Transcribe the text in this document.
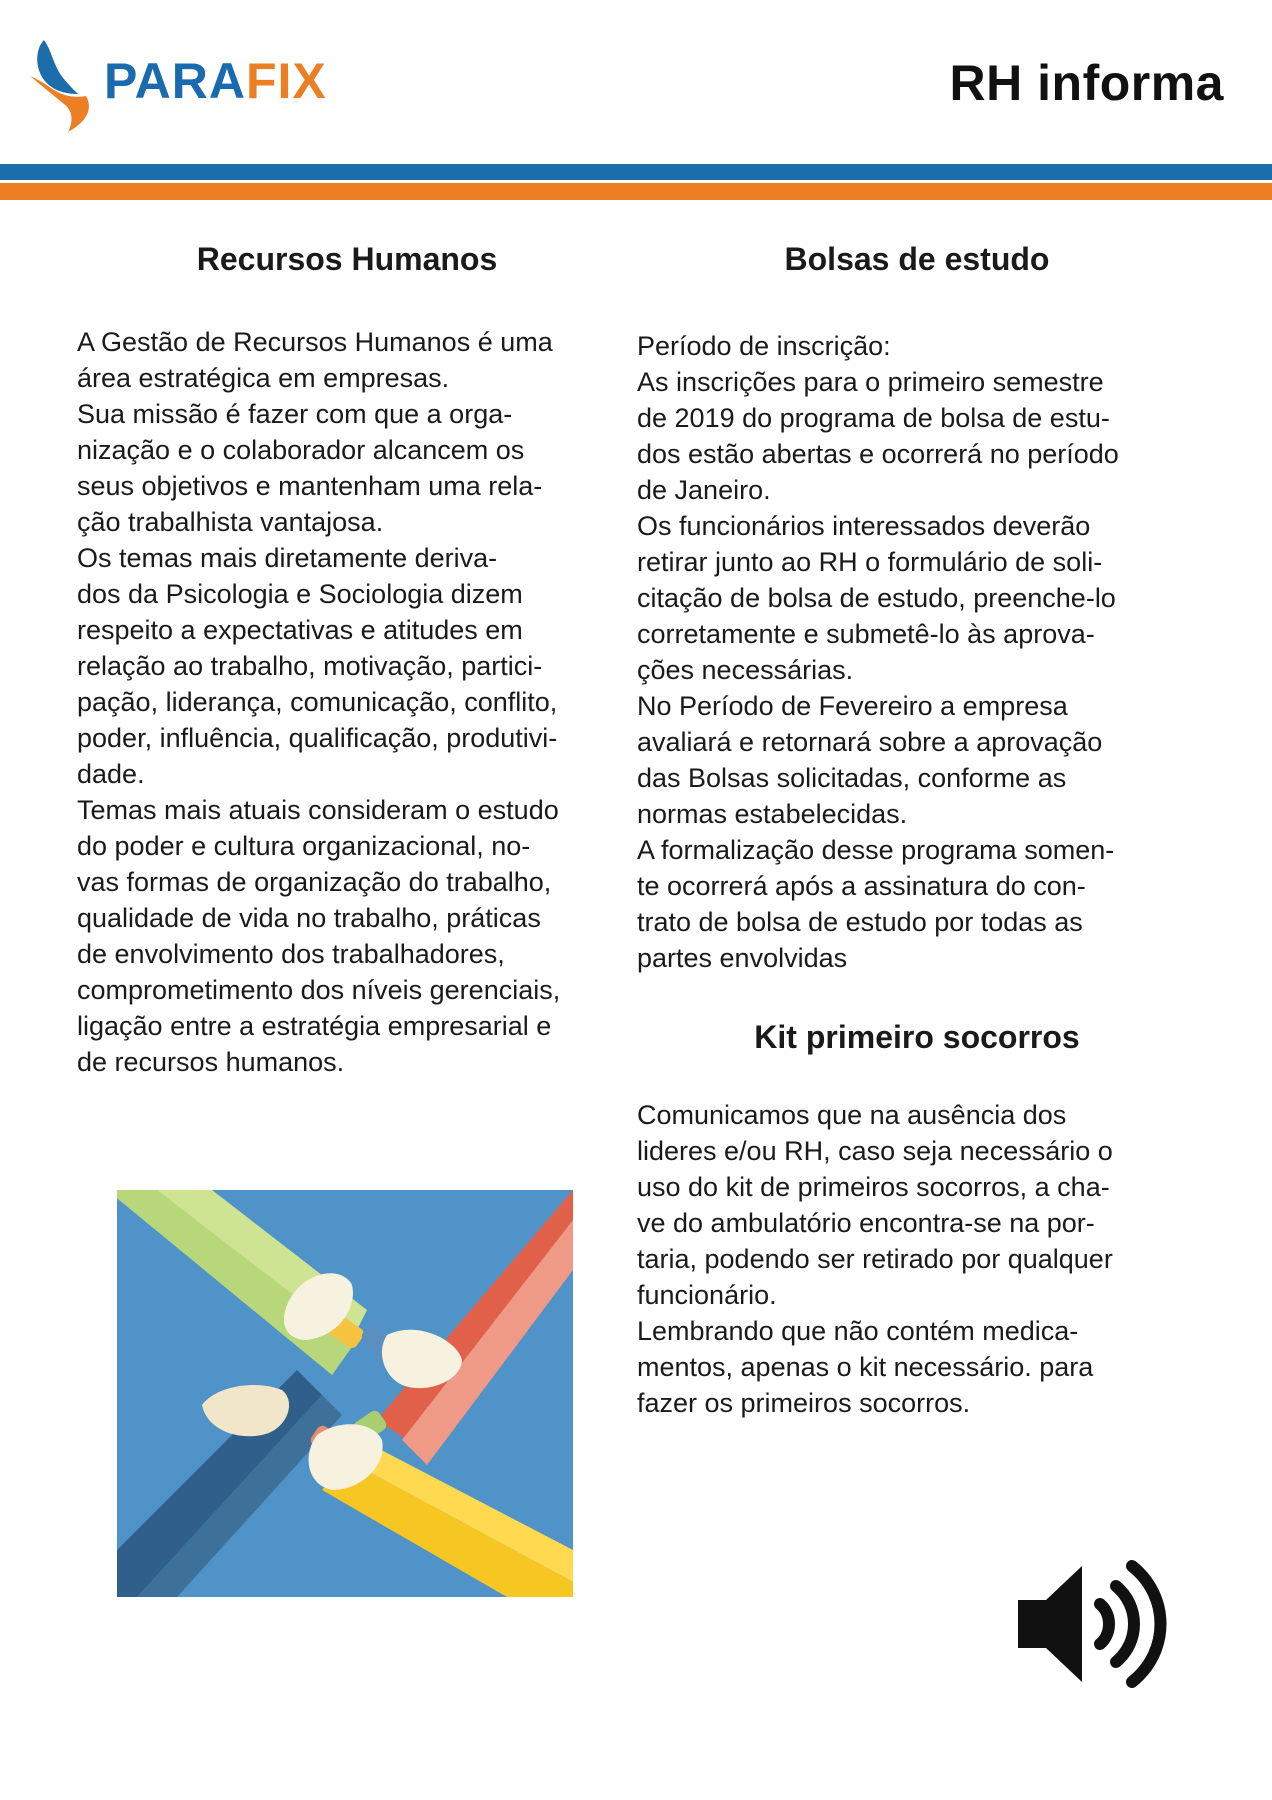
PARAFIX	RH informa
Recursos Humanos

A Gestão de Recursos Humanos é uma
área estratégica em empresas.
Sua missão é fazer com que a orga-
nização e o colaborador alcancem os
seus objetivos e mantenham uma rela-
ção trabalhista vantajosa.
Os temas mais diretamente deriva-
dos da Psicologia e Sociologia dizem
respeito a expectativas e atitudes em
relação ao trabalho, motivação, partici-
pação, liderança, comunicação, conflito,
poder, influência, qualificação, produtivi-
dade.
Temas mais atuais consideram o estudo
do poder e cultura organizacional, no-
vas formas de organização do trabalho,
qualidade de vida no trabalho, práticas
de envolvimento dos trabalhadores,
comprometimento dos níveis gerenciais,
ligação entre a estratégia empresarial e
de recursos humanos.

Bolsas de estudo

Período de inscrição:
As inscrições para o primeiro semestre
de 2019 do programa de bolsa de estu-
dos estão abertas e ocorrerá no período
de Janeiro.
Os funcionários interessados deverão
retirar junto ao RH o formulário de soli-
citação de bolsa de estudo, preenche-lo
corretamente e submetê-lo às aprova-
ções necessárias.
No Período de Fevereiro a empresa
avaliará e retornará sobre a aprovação
das Bolsas solicitadas, conforme as
normas estabelecidas.
A formalização desse programa somen-
te ocorrerá após a assinatura do con-
trato de bolsa de estudo por todas as
partes envolvidas

Kit primeiro socorros

Comunicamos que na ausência dos
lideres e/ou RH, caso seja necessário o
uso do kit de primeiros socorros, a cha-
ve do ambulatório encontra-se na por-
taria, podendo ser retirado por qualquer
funcionário.
Lembrando que não contém medica-
mentos, apenas o kit necessário. para
fazer os primeiros socorros.
